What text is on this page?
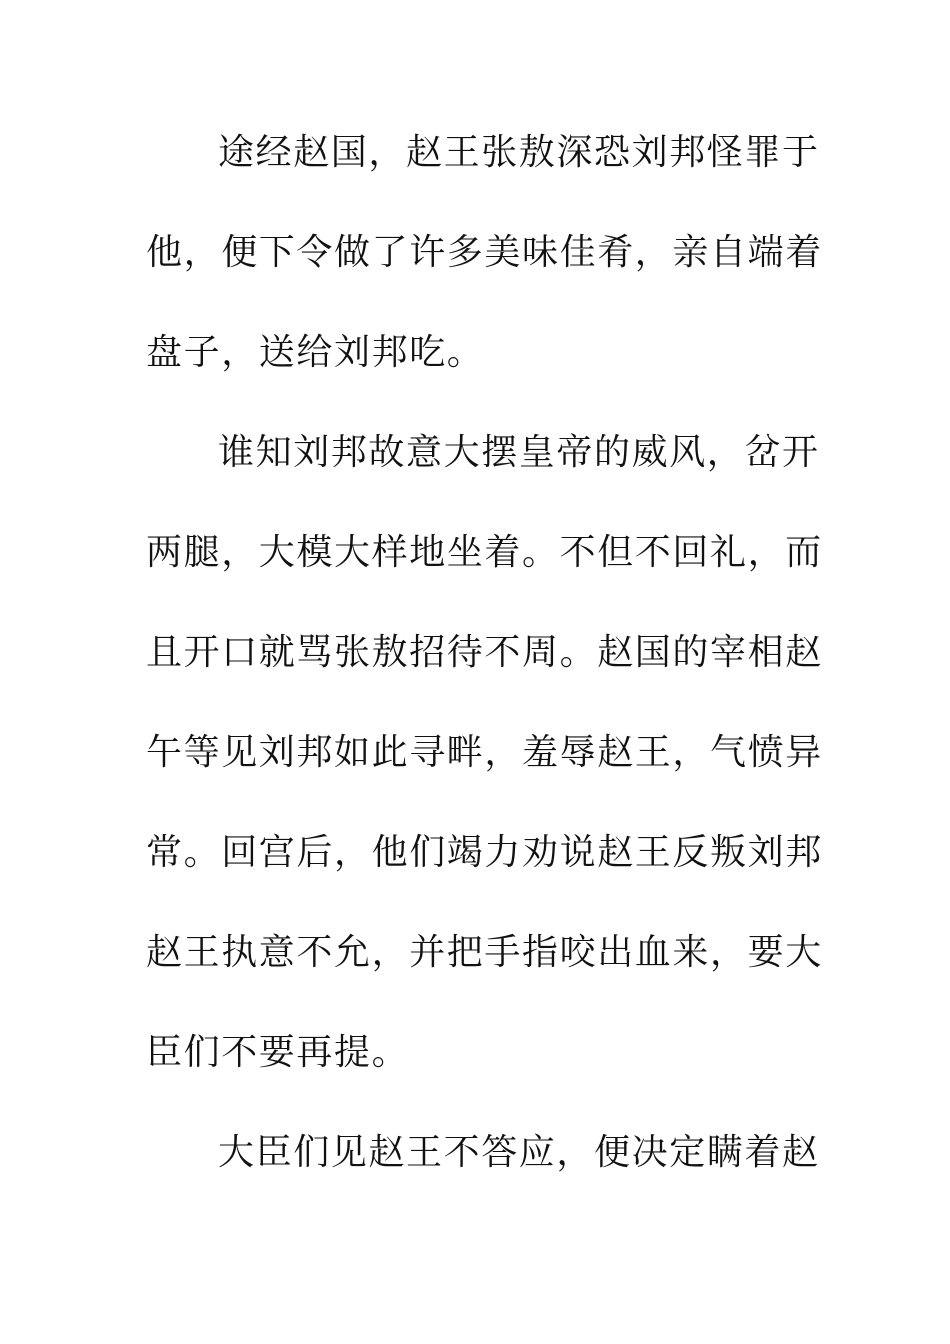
途经赵国，赵王张敖深恐刘邦怪罪于
他，便下令做了许多美味佳肴，亲自端着
盘子，送给刘邦吃。
谁知刘邦故意大摆皇帝的威风，岔开
两腿，大模大样地坐着。不但不回礼，而
且开口就骂张敖招待不周。赵国的宰相赵
午等见刘邦如此寻畔，羞辱赵王，气愤异
常。回宫后，他们竭力劝说赵王反叛刘邦
赵王执意不允，并把手指咬出血来，要大
臣们不要再提。
大臣们见赵王不答应，便决定瞒着赵
